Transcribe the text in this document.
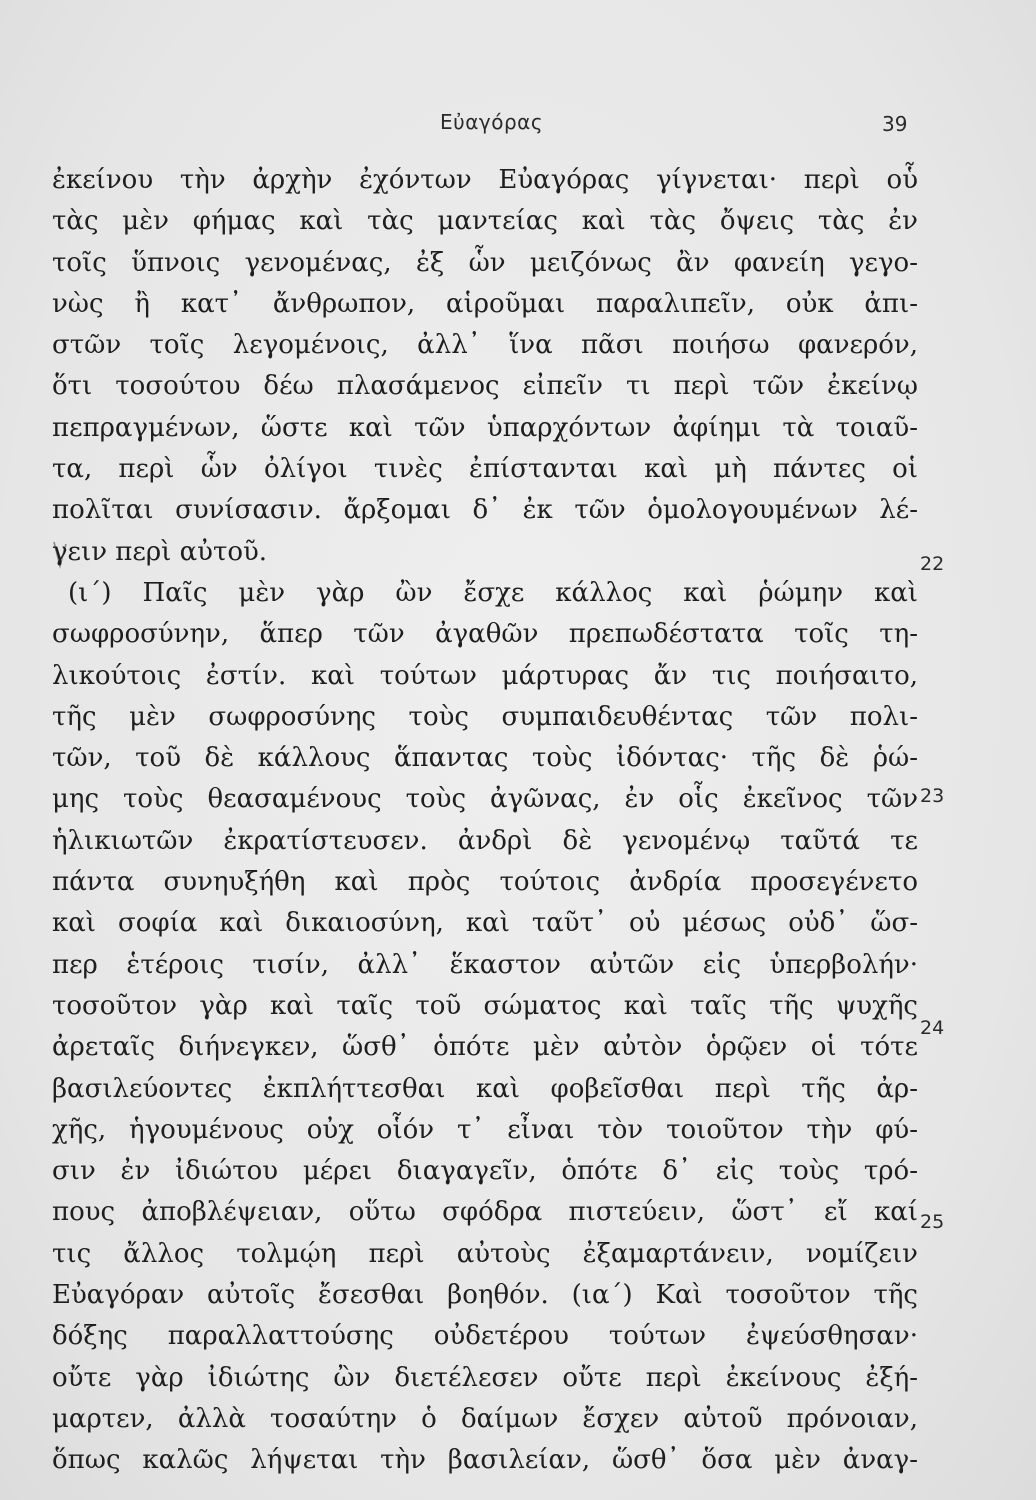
Εὐαγόρας	39
ἐκείνου τὴν ἀρχὴν ἐχόντων Εὐαγόρας γίγνεται· περὶ οὗ
τὰς μὲν φήμας καὶ τὰς μαντείας καὶ τὰς ὄψεις τὰς ἐν
τοῖς ὕπνοις γενομένας, ἐξ ὧν μειζόνως ἂν φανείη γεγο-
νὼς ἢ κατ᾽ ἄνθρωπον, αἱροῦμαι παραλιπεῖν, οὐκ ἀπι-
στῶν τοῖς λεγομένοις, ἀλλ᾽ ἵνα πᾶσι ποιήσω φανερόν,
ὅτι τοσούτου δέω πλασάμενος εἰπεῖν τι περὶ τῶν ἐκείνῳ
πεπραγμένων, ὥστε καὶ τῶν ὑπαρχόντων ἀφίημι τὰ τοιαῦ-
τα, περὶ ὧν ὀλίγοι τινὲς ἐπίστανται καὶ μὴ πάντες οἱ
πολῖται συνίσασιν. ἄρξομαι δ᾽ ἐκ τῶν ὁμολογουμένων λέ-
γειν περὶ αὐτοῦ.
(ι´) Παῖς μὲν γὰρ ὢν ἔσχε κάλλος καὶ ῥώμην καὶ
σωφροσύνην, ἅπερ τῶν ἀγαθῶν πρεπωδέστατα τοῖς τη-
λικούτοις ἐστίν. καὶ τούτων μάρτυρας ἄν τις ποιήσαιτο,
τῆς μὲν σωφροσύνης τοὺς συμπαιδευθέντας τῶν πολι-
τῶν, τοῦ δὲ κάλλους ἅπαντας τοὺς ἰδόντας· τῆς δὲ ῥώ-
μης τοὺς θεασαμένους τοὺς ἀγῶνας, ἐν οἷς ἐκεῖνος τῶν
ἡλικιωτῶν ἐκρατίστευσεν. ἀνδρὶ δὲ γενομένῳ ταῦτά τε
πάντα συνηυξήθη καὶ πρὸς τούτοις ἀνδρία προσεγένετο
καὶ σοφία καὶ δικαιοσύνη, καὶ ταῦτ᾽ οὐ μέσως οὐδ᾽ ὥσ-
περ ἑτέροις τισίν, ἀλλ᾽ ἕκαστον αὐτῶν εἰς ὑπερβολήν·
τοσοῦτον γὰρ καὶ ταῖς τοῦ σώματος καὶ ταῖς τῆς ψυχῆς
ἀρεταῖς διήνεγκεν, ὥσθ᾽ ὁπότε μὲν αὐτὸν ὁρῷεν οἱ τότε
βασιλεύοντες ἐκπλήττεσθαι καὶ φοβεῖσθαι περὶ τῆς ἀρ-
χῆς, ἡγουμένους οὐχ οἷόν τ᾽ εἶναι τὸν τοιοῦτον τὴν φύ-
σιν ἐν ἰδιώτου μέρει διαγαγεῖν, ὁπότε δ᾽ εἰς τοὺς τρό-
πους ἀποβλέψειαν, οὕτω σφόδρα πιστεύειν, ὥστ᾽ εἴ καί
τις ἄλλος τολμῴη περὶ αὐτοὺς ἐξαμαρτάνειν, νομίζειν
Εὐαγόραν αὐτοῖς ἔσεσθαι βοηθόν. (ια´) Καὶ τοσοῦτον τῆς
δόξης παραλλαττούσης οὐδετέρου τούτων ἐψεύσθησαν·
οὔτε γὰρ ἰδιώτης ὢν διετέλεσεν οὔτε περὶ ἐκείνους ἐξή-
μαρτεν, ἀλλὰ τοσαύτην ὁ δαίμων ἔσχεν αὐτοῦ πρόνοιαν,
ὅπως καλῶς λήψεται τὴν βασιλείαν, ὥσθ᾽ ὅσα μὲν ἀναγ-
22
23
24
25
